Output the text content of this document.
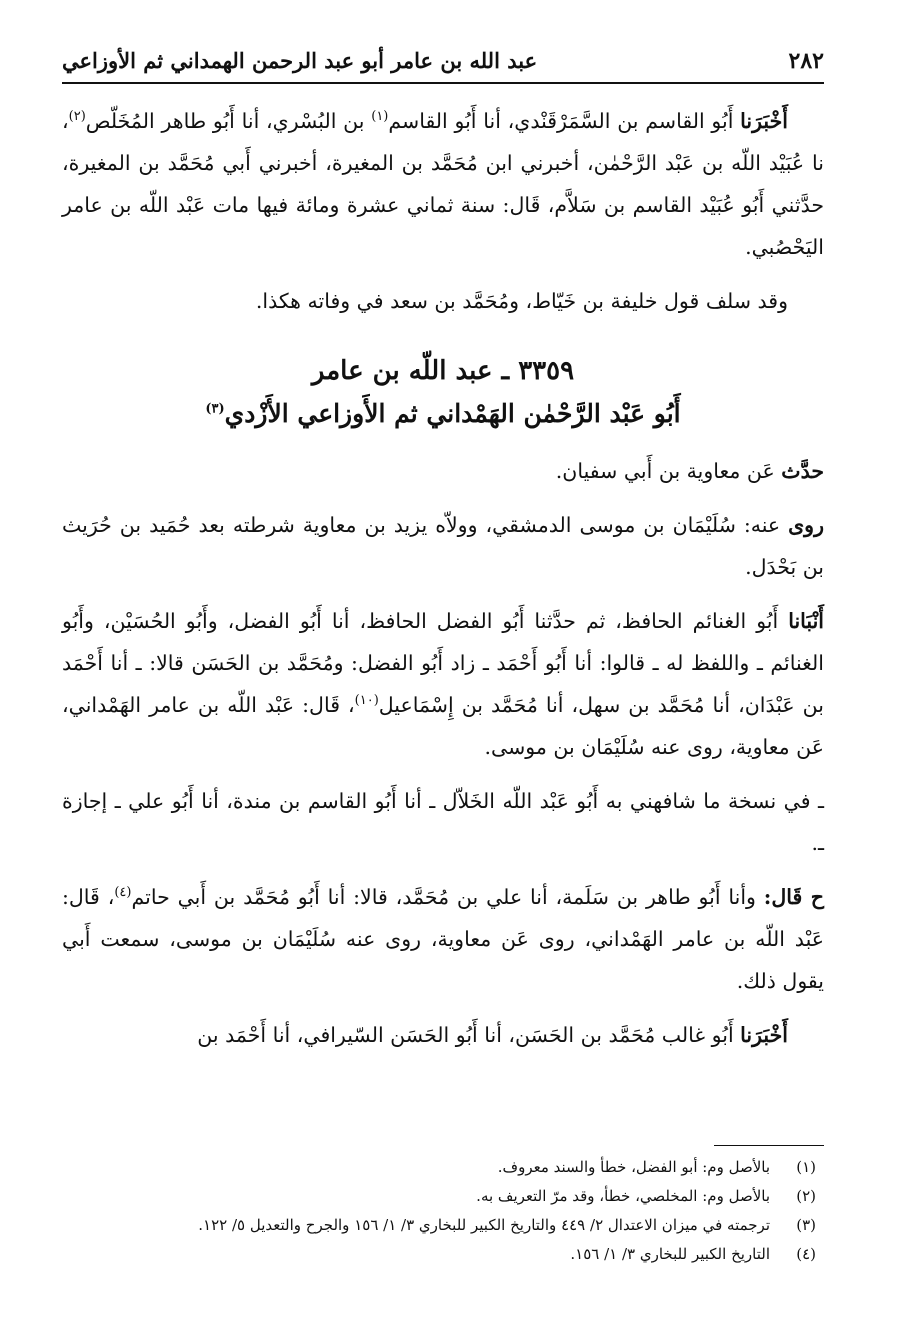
٢٨٢
عبد الله بن عامر أبو عبد الرحمن الهمداني ثم الأوزاعي

أَخْبَرَنا أَبُو القاسم بن السَّمَرْقَنْدي، أنا أَبُو القاسم$^{(١)}$ بن البُسْري، أنا أَبُو طاهر المُخَلّص$^{(٢)}$، نا عُبَيْد اللّه بن عَبْد الرَّحْمٰن، أخبرني ابن مُحَمَّد بن المغيرة، أخبرني أَبي مُحَمَّد بن المغيرة، حدَّثني أَبُو عُبَيْد القاسم بن سَلاَّم، قَال: سنة ثماني عشرة ومائة فيها مات عَبْد اللّه بن عامر اليَحْصُبي.

وقد سلف قول خليفة بن خَيّاط، ومُحَمَّد بن سعد في وفاته هكذا.

٣٣٥٩ ـ عبد اللّه بن عامر
أَبُو عَبْد الرَّحْمٰن الهَمْداني ثم الأَوزاعي الأَزْدي$^{(٣)}$

حدَّث عَن معاوية بن أَبي سفيان.

روى عنه: سُلَيْمَان بن موسى الدمشقي، وولاّه يزيد بن معاوية شرطته بعد حُمَيد بن حُرَيث بن بَحْدَل.

أَنْبَانا أَبُو الغنائم الحافظ، ثم حدَّثنا أَبُو الفضل الحافظ، أنا أَبُو الفضل، وأَبُو الحُسَيْن، وأَبُو الغنائم ـ واللفظ له ـ قالوا: أنا أَبُو أَحْمَد ـ زاد أَبُو الفضل: ومُحَمَّد بن الحَسَن قالا: ـ أنا أَحْمَد بن عَبْدَان، أنا مُحَمَّد بن سهل، أنا مُحَمَّد بن إِسْمَاعيل$^{(١٠)}$، قَال: عَبْد اللّه بن عامر الهَمْداني، عَن معاوية، روى عنه سُلَيْمَان بن موسى.

ـ في نسخة ما شافهني به أَبُو عَبْد اللّه الخَلاّل ـ أنا أَبُو القاسم بن مندة، أنا أَبُو علي ـ إجازة ـ.

ح قَال: وأنا أَبُو طاهر بن سَلَمة، أنا علي بن مُحَمَّد، قالا: أنا أَبُو مُحَمَّد بن أَبي حاتم$^{(٤)}$، قَال: عَبْد اللّه بن عامر الهَمْداني، روى عَن معاوية، روى عنه سُلَيْمَان بن موسى، سمعت أَبي يقول ذلك.

أَخْبَرَنا أَبُو غالب مُحَمَّد بن الحَسَن، أنا أَبُو الحَسَن السّيرافي، أنا أَحْمَد بن

(١)
بالأصل وم: أبو الفضل، خطأ والسند معروف.
(٢)
بالأصل وم: المخلصي، خطأ، وقد مرّ التعريف به.
(٣)
ترجمته في ميزان الاعتدال ٢/ ٤٤٩ والتاريخ الكبير للبخاري ٣/ ١/ ١٥٦ والجرح والتعديل ٥/ ١٢٢.
(٤)
التاريخ الكبير للبخاري ٣/ ١/ ١٥٦.
